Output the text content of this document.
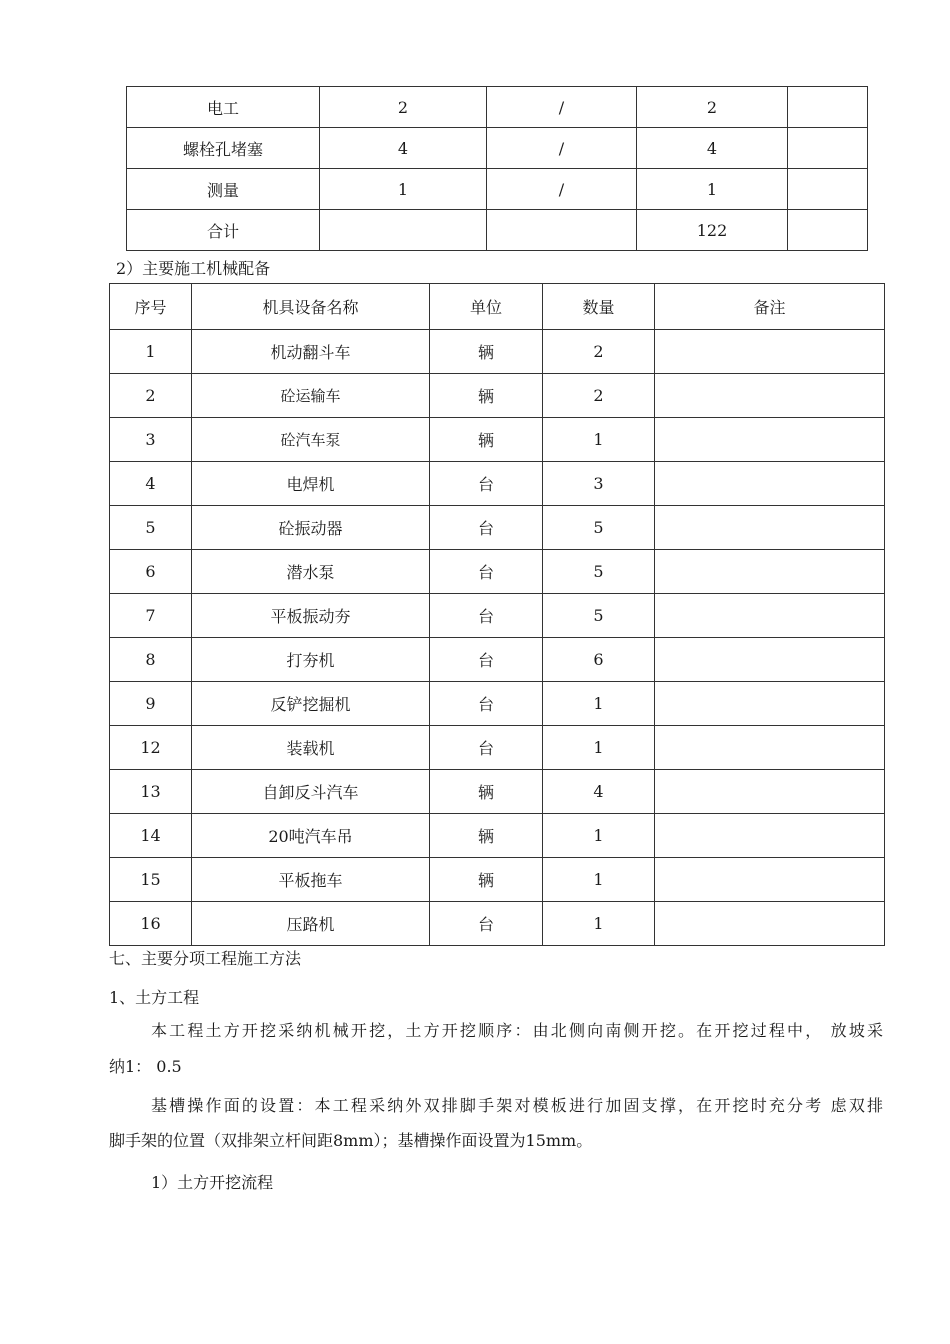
电工	2	/	2	
螺栓孔堵塞	4	/	4	
测量	1	/	1	
合计			122	
2）主要施工机械配备
序号	机具设备名称	单位	数量	备注
1	机动翻斗车	辆	2	
2	砼运输车	辆	2	
3	砼汽车泵	辆	1	
4	电焊机	台	3	
5	砼振动器	台	5	
6	潜水泵	台	5	
7	平板振动夯	台	5	
8	打夯机	台	6	
9	反铲挖掘机	台	1	
12	装载机	台	1	
13	自卸反斗汽车	辆	4	
14	20吨汽车吊	辆	1	
15	平板拖车	辆	1	
16	压路机	台	1	
七、主要分项工程施工方法
1、土方工程
本工程土方开挖采纳机械开挖，土方开挖顺序：由北侧向南侧开挖。在开挖过程中， 放坡采
纳1： 0.5
基槽操作面的设置：本工程采纳外双排脚手架对模板进行加固支撑，在开挖时充分考 虑双排
脚手架的位置（双排架立杆间距8mm）；基槽操作面设置为15mm。
1）土方开挖流程
